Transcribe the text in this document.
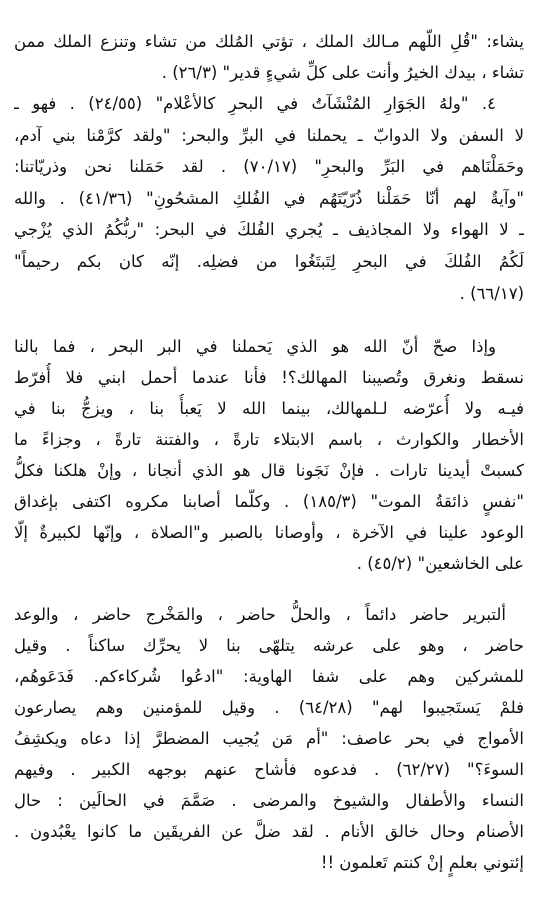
يشاء: "قُلِ اللّهم مـالك الملك ، تؤتي المُلك من تشاء وتنزع الملك ممن
تشاء ، بيدك الخيرُ وأنت على كلِّ شيءٍ قدير" (٢٦/٣) .
٤. "ولهُ الجَوَارِ المُنْشَآتُ في البحرِ كالأعْلام" (٢٤/٥٥) . فهو ـ
لا السفن ولا الدوابّ ـ يحملنا في البرِّ والبحر: "ولقد كرَّمْنا بني آدم،
وحَمَلْنَاهم في البَرِّ والبحرِ" (٧٠/١٧) . لقد حَمَلنا نحن وذريّاتنا:
"وآيةٌ لهم أنّا حَمَلْنا ذُرّيّتَهُم في الفُلكِ المشحُونِ" (٤١/٣٦) . والله
ـ لا الهواء ولا المجاذيف ـ يُجري الفُلكَ في البحر: "ربُّكُمُ الذي يُزْجي
لَكُمُ الفُلكَ في البحرِ لِتَبتَغُوا من فضلِه. إنّه كان بكم رحيماً"
(٦٦/١٧) .
وإذا صحّ أنّ الله هو الذي يَحملنا في البر البحر ، فما بالنا
نسقط ونغرق وتُصيبنا المهالك؟! فأنا عندما أحمل ابني فلا أُفرّط
فيـه ولا أُعرّضه لـلمهالك، بينما الله لا يَعبأُ بنا ، ويزجُّ بنا في
الأخطار والكوارث ، باسم الابتلاء تارةً ، والفتنة تارةً ، وجزاءً ما
كسبتْ أيدينا تارات . فإنْ نَجَونا قال هو الذي أنجانا ، وإنْ هلكنا فكلُّ
"نفسٍ ذائقةُ الموت" (١٨٥/٣) . وكلّما أصابنا مكروه اكتفى بإغداق
الوعود علينا في الآخرة ، وأوصانا بالصبر و"الصلاة ، وإنّها لكبيرةٌ إلّا
على الخاشعين" (٤٥/٢) .
ألتبرير حاضر دائماً ، والحلُّ حاضر ، والمَخْرج حاضر ، والوعد
حاضر ، وهو على عرشه يتلهّى بنا لا يحرِّك ساكناً . وقيل
للمشركين وهم على شفا الهاوية: "ادعُوا شُركاءكم. فَدَعَوهُم،
فلمْ يَستَجيبوا لهم" (٦٤/٢٨) . وقيل للمؤمنين وهم يصارعون
الأمواج في بحر عاصف: "أم مَن يُجيب المضطرَّ إذا دعاه ويكشِفُ
السوءَ؟" (٦٢/٢٧) . فدعوه فأشاح عنهم بوجهه الكبير . وفيهم
النساء والأطفال والشيوخ والمرضى . صَمَّمَ في الحالَين : حال
الأصنام وحال خالق الأنام . لقد ضلَّ عن الفريقَين ما كانوا يعْبُدون .
إئتوني بعلمٍ إنْ كنتم تَعلمون !!
